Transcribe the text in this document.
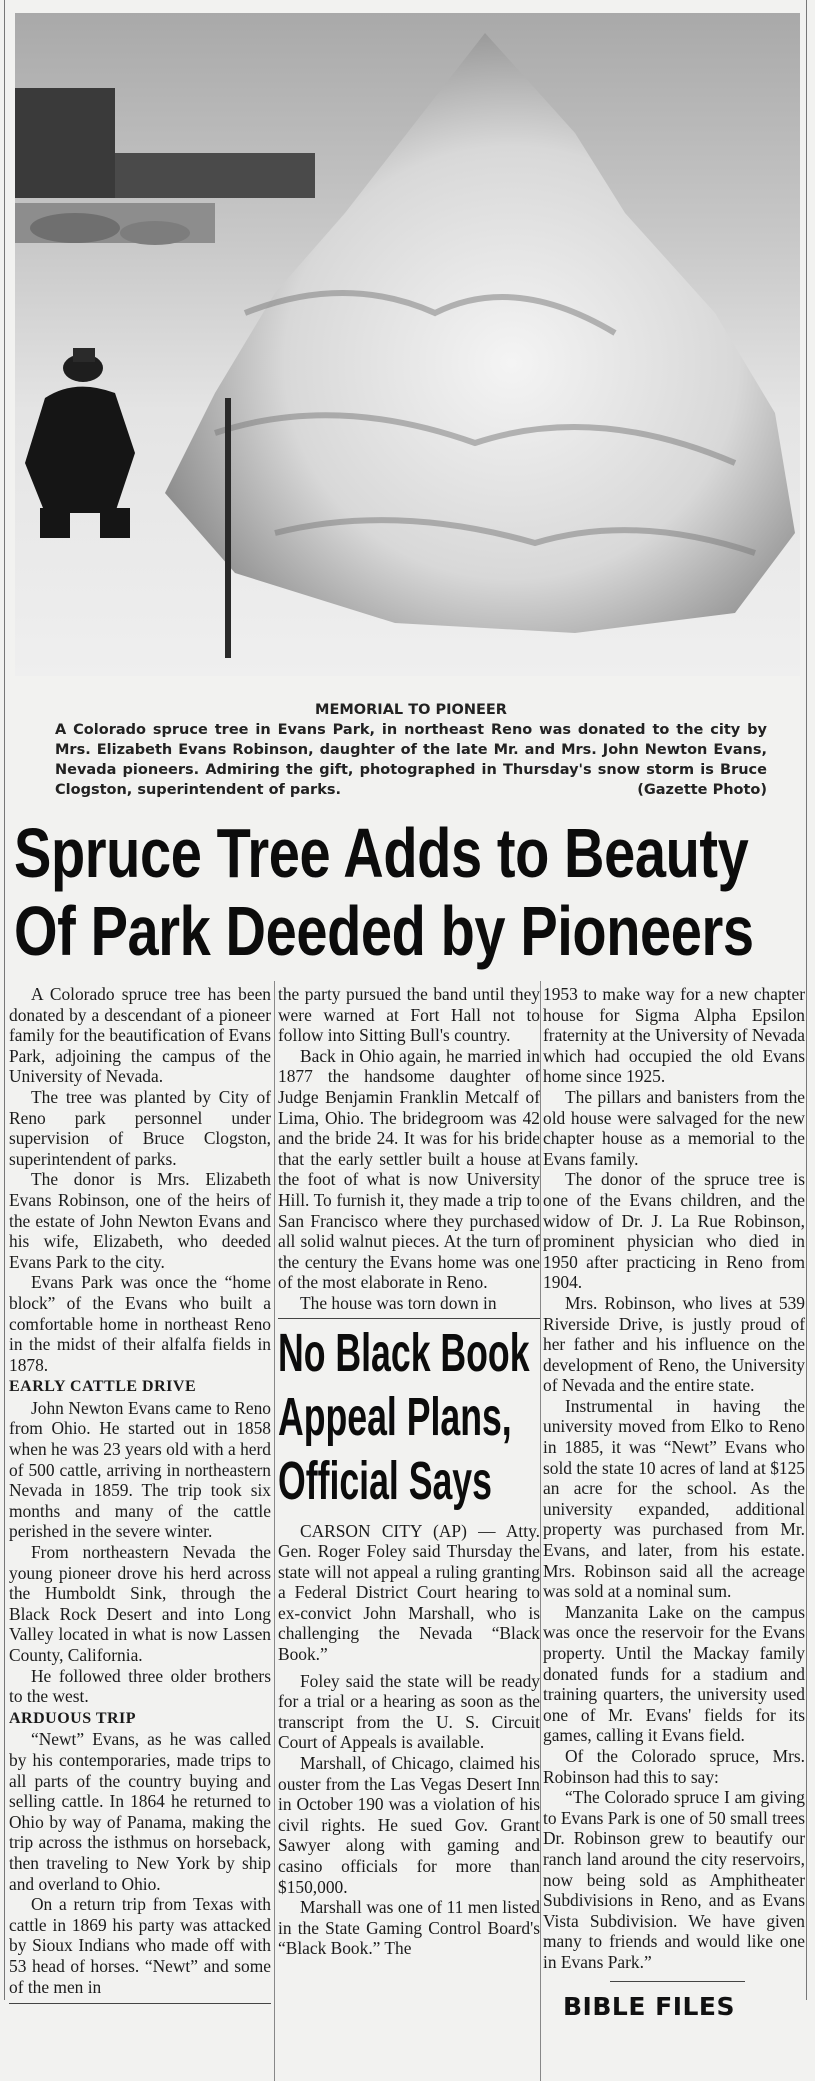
MEMORIAL TO PIONEER
A Colorado spruce tree in Evans Park, in northeast Reno was donated to the city by Mrs. Elizabeth Evans Robinson, daughter of the late Mr. and Mrs. John Newton Evans, Nevada pioneers. Admiring the gift, photographed in Thursday's snow storm is Bruce Clogston, superintendent of parks.	(Gazette Photo)
Spruce Tree Adds to Beauty
Of Park Deeded by Pioneers

A Colorado spruce tree has been donated by a descendant of a pioneer family for the beautification of Evans Park, adjoining the campus of the University of Nevada.

The tree was planted by City of Reno park personnel under supervision of Bruce Clogston, superintendent of parks.

The donor is Mrs. Elizabeth Evans Robinson, one of the heirs of the estate of John Newton Evans and his wife, Elizabeth, who deeded Evans Park to the city.

Evans Park was once the “home block” of the Evans who built a comfortable home in northeast Reno in the midst of their alfalfa fields in 1878.

EARLY CATTLE DRIVE

John Newton Evans came to Reno from Ohio. He started out in 1858 when he was 23 years old with a herd of 500 cattle, arriving in northeastern Nevada in 1859. The trip took six months and many of the cattle perished in the severe winter.

From northeastern Nevada the young pioneer drove his herd across the Humboldt Sink, through the Black Rock Desert and into Long Valley located in what is now Lassen County, California.

He followed three older brothers to the west.

ARDUOUS TRIP

“Newt” Evans, as he was called by his contemporaries, made trips to all parts of the country buying and selling cattle. In 1864 he returned to Ohio by way of Panama, making the trip across the isthmus on horseback, then traveling to New York by ship and overland to Ohio.

On a return trip from Texas with cattle in 1869 his party was attacked by Sioux Indians who made off with 53 head of horses. “Newt” and some of the men in

the party pursued the band until they were warned at Fort Hall not to follow into Sitting Bull's country.

Back in Ohio again, he married in 1877 the handsome daughter of Judge Benjamin Franklin Metcalf of Lima, Ohio. The bridegroom was 42 and the bride 24. It was for his bride that the early settler built a house at the foot of what is now University Hill. To furnish it, they made a trip to San Francisco where they purchased all solid walnut pieces. At the turn of the century the Evans home was one of the most elaborate in Reno.

The house was torn down in

No Black Book
Appeal Plans,
Official Says

CARSON CITY (AP) — Atty. Gen. Roger Foley said Thursday the state will not appeal a ruling granting a Federal District Court hearing to ex-convict John Marshall, who is challenging the Nevada “Black Book.”

Foley said the state will be ready for a trial or a hearing as soon as the transcript from the U. S. Circuit Court of Appeals is available.

Marshall, of Chicago, claimed his ouster from the Las Vegas Desert Inn in October 190 was a violation of his civil rights. He sued Gov. Grant Sawyer along with gaming and casino officials for more than $150,000.

Marshall was one of 11 men listed in the State Gaming Control Board's “Black Book.” The

1953 to make way for a new chapter house for Sigma Alpha Epsilon fraternity at the University of Nevada which had occupied the old Evans home since 1925.

The pillars and banisters from the old house were salvaged for the new chapter house as a memorial to the Evans family.

The donor of the spruce tree is one of the Evans children, and the widow of Dr. J. La Rue Robinson, prominent physician who died in 1950 after practicing in Reno from 1904.

Mrs. Robinson, who lives at 539 Riverside Drive, is justly proud of her father and his influence on the development of Reno, the University of Nevada and the entire state.

Instrumental in having the university moved from Elko to Reno in 1885, it was “Newt” Evans who sold the state 10 acres of land at $125 an acre for the school. As the university expanded, additional property was purchased from Mr. Evans, and later, from his estate. Mrs. Robinson said all the acreage was sold at a nominal sum.

Manzanita Lake on the campus was once the reservoir for the Evans property. Until the Mackay family donated funds for a stadium and training quarters, the university used one of Mr. Evans' fields for its games, calling it Evans field.

Of the Colorado spruce, Mrs. Robinson had this to say:

“The Colorado spruce I am giving to Evans Park is one of 50 small trees Dr. Robinson grew to beautify our ranch land around the city reservoirs, now being sold as Amphitheater Subdivisions in Reno, and as Evans Vista Subdivision. We have given many to friends and would like one in Evans Park.”

BIBLE FILES
